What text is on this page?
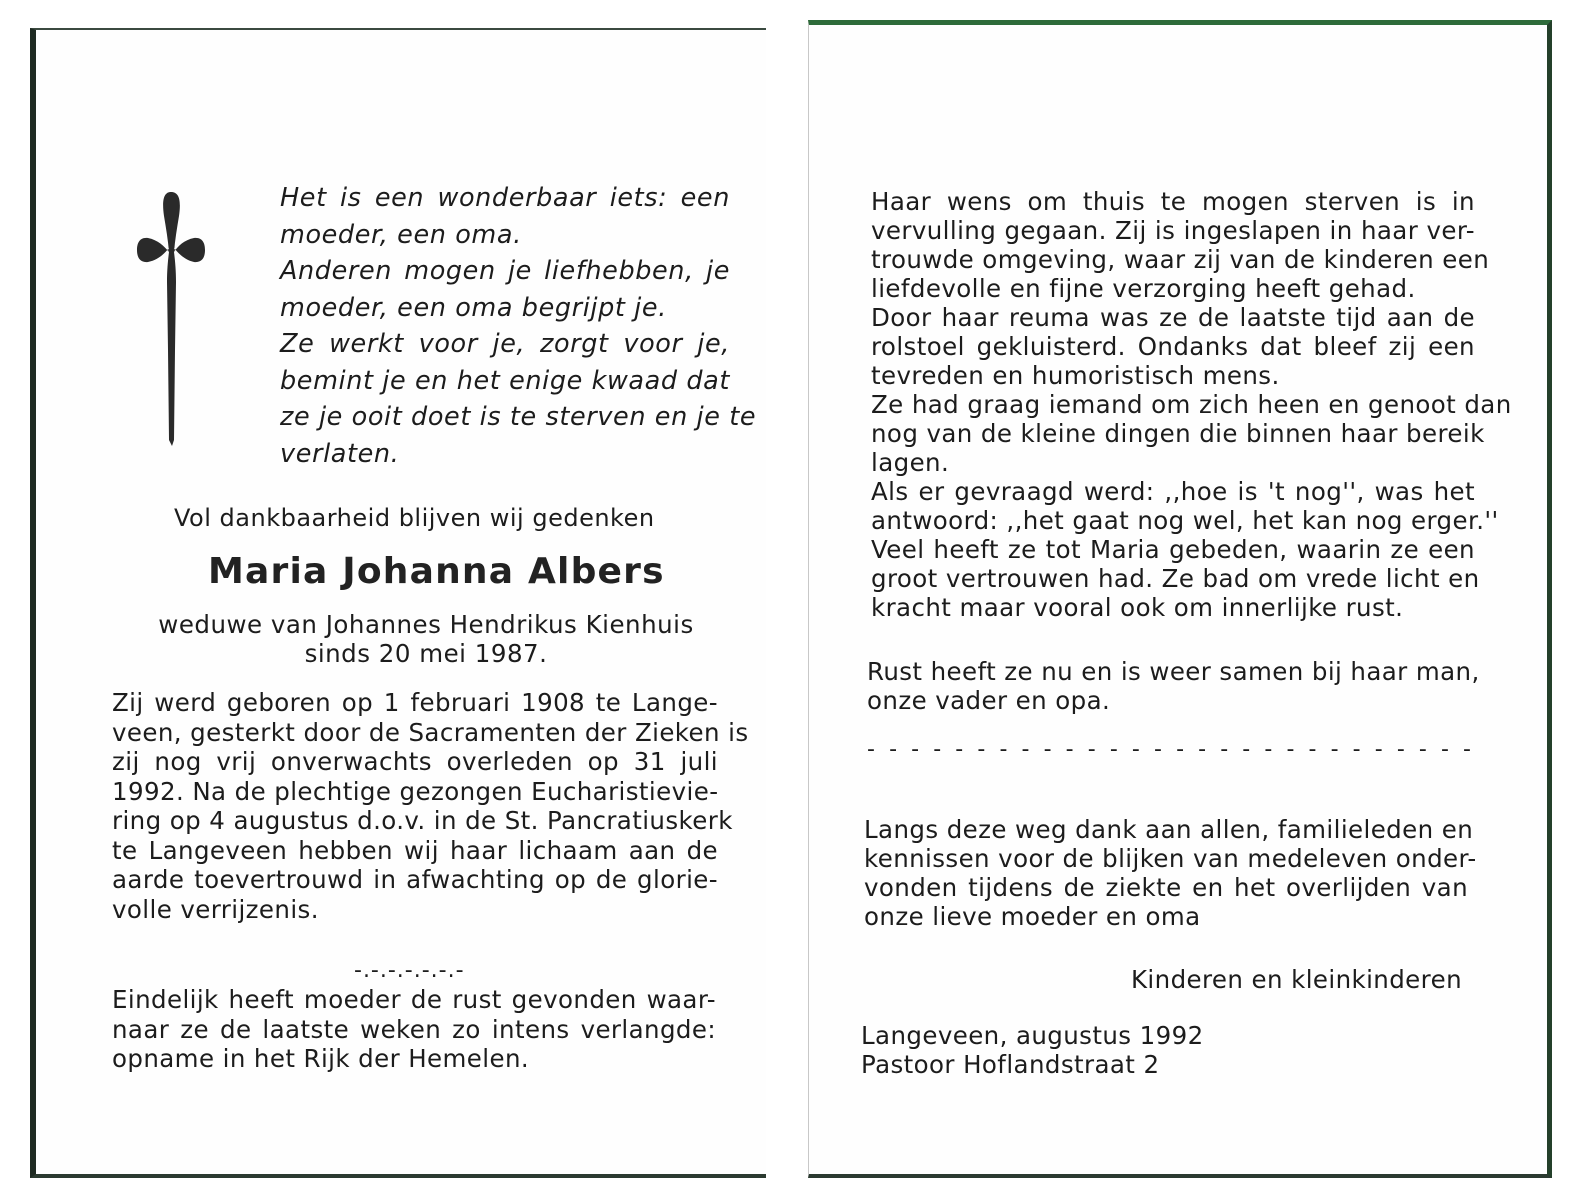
Het is een wonderbaar iets: een
moeder, een oma.
Anderen mogen je liefhebben, je
moeder, een oma begrijpt je.
Ze werkt voor je, zorgt voor je,
bemint je en het enige kwaad dat
ze je ooit doet is te sterven en je te
verlaten.
Vol dankbaarheid blijven wij gedenken
Maria Johanna Albers
weduwe van Johannes Hendrikus Kienhuis
sinds 20 mei 1987.
Zij werd geboren op 1 februari 1908 te Lange-
veen, gesterkt door de Sacramenten der Zieken is
zij nog vrij onverwachts overleden op 31 juli
1992. Na de plechtige gezongen Eucharistievie-
ring op 4 augustus d.o.v. in de St. Pancratiuskerk
te Langeveen hebben wij haar lichaam aan de
aarde toevertrouwd in afwachting op de glorie-
volle verrijzenis.
-.-.-.-.-.-.-
Eindelijk heeft moeder de rust gevonden waar-
naar ze de laatste weken zo intens verlangde:
opname in het Rijk der Hemelen.
Haar wens om thuis te mogen sterven is in
vervulling gegaan. Zij is ingeslapen in haar ver-
trouwde omgeving, waar zij van de kinderen een
liefdevolle en fijne verzorging heeft gehad.
Door haar reuma was ze de laatste tijd aan de
rolstoel gekluisterd. Ondanks dat bleef zij een
tevreden en humoristisch mens.
Ze had graag iemand om zich heen en genoot dan
nog van de kleine dingen die binnen haar bereik
lagen.
Als er gevraagd werd: ,,hoe is 't nog'', was het
antwoord: ,,het gaat nog wel, het kan nog erger.''
Veel heeft ze tot Maria gebeden, waarin ze een
groot vertrouwen had. Ze bad om vrede licht en
kracht maar vooral ook om innerlijke rust.
Rust heeft ze nu en is weer samen bij haar man,
onze vader en opa.
- - - - - - - - - - - - - - - - - - - - - - - - - - - -
Langs deze weg dank aan allen, familieleden en
kennissen voor de blijken van medeleven onder-
vonden tijdens de ziekte en het overlijden van
onze lieve moeder en oma
Kinderen en kleinkinderen
Langeveen, augustus 1992
Pastoor Hoflandstraat 2
